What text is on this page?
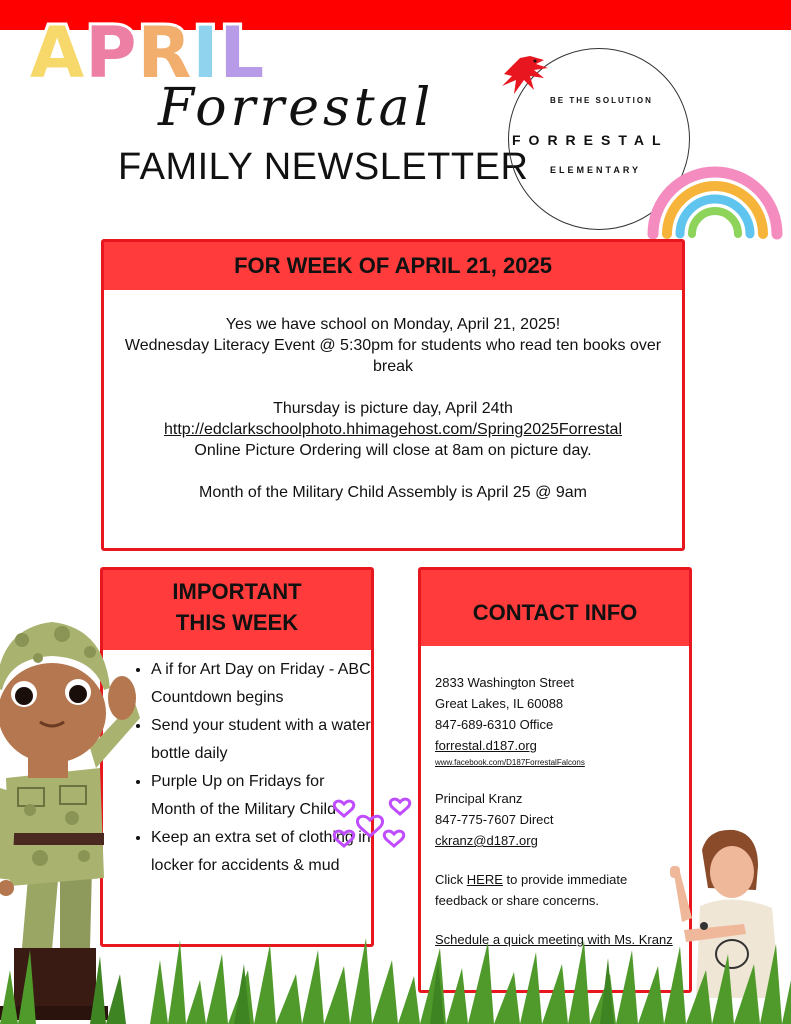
APRIL
Forrestal
FAMILY NEWSLETTER
BE THE SOLUTION
FORRESTAL
ELEMENTARY
FOR WEEK OF APRIL 21, 2025

Yes we have school on Monday, April 21, 2025!

Wednesday Literacy Event @ 5:30pm for students who read ten books over break

Thursday is picture day, April 24th

http://edclarkschoolphoto.hhimagehost.com/Spring2025Forrestal

Online Picture Ordering will close at 8am on picture day.

Month of the Military Child Assembly is April 25 @ 9am

IMPORTANT
THIS WEEK
• A if for Art Day on Friday - ABC Countdown begins
• Send your student with a water bottle daily
• Purple Up on Fridays for Month of the Military Child
• Keep an extra set of clothing in locker for accidents & mud
CONTACT INFO

2833 Washington Street

Great Lakes, IL 60088

847-689-6310 Office

forrestal.d187.org

www.facebook.com/D187ForrestalFalcons

Principal Kranz

847-775-7607 Direct

ckranz@d187.org

Click HERE to provide immediate feedback or share concerns.

Schedule a quick meeting with Ms. Kranz
